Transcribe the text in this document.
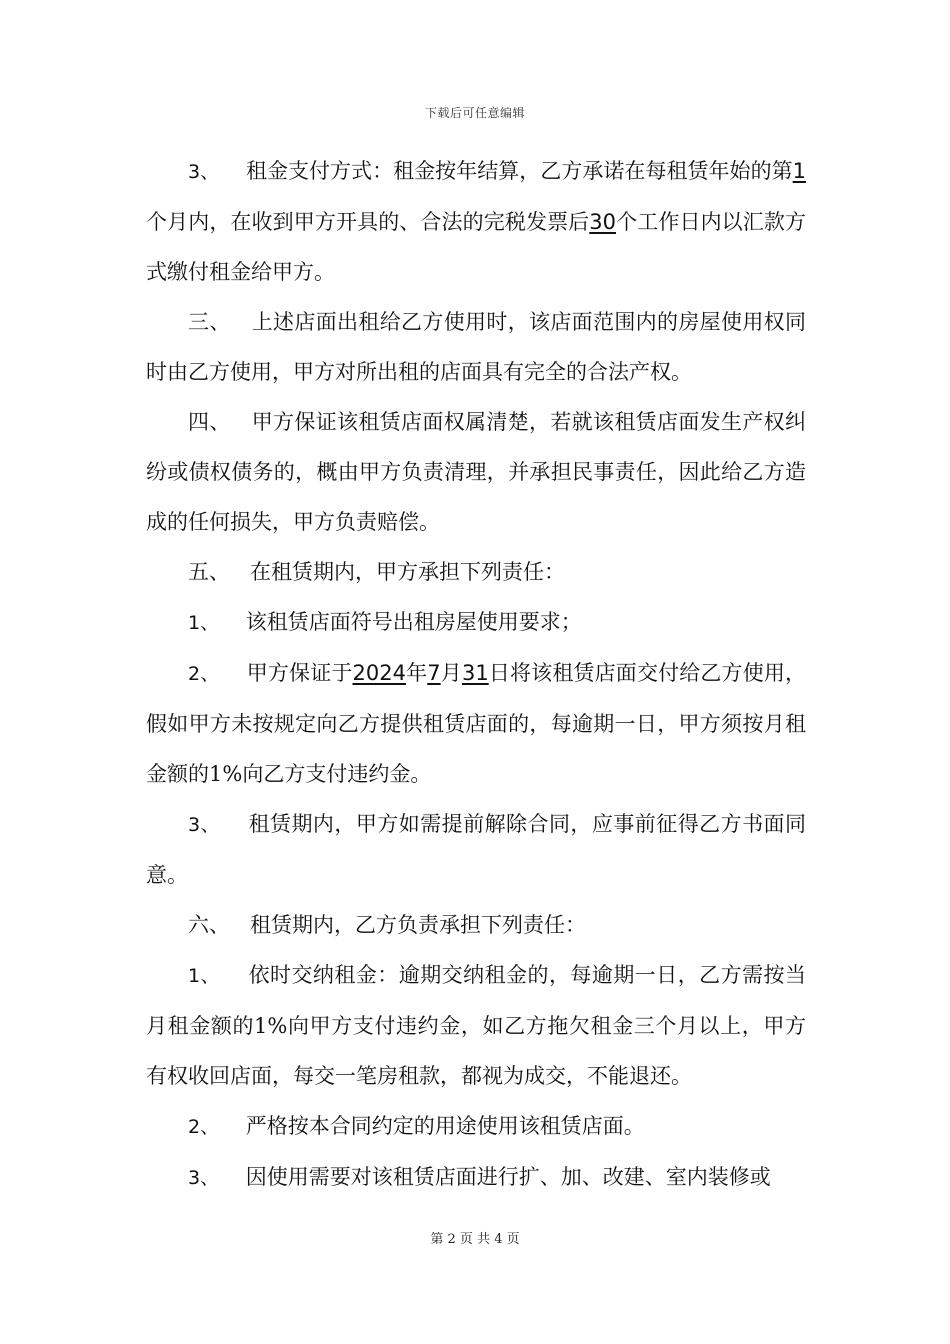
下载后可任意编辑

3、 租金支付方式：租金按年结算，乙方承诺在每租赁年始的第1个月内，在收到甲方开具的、合法的完税发票后30个工作日内以汇款方式缴付租金给甲方。

三、 上述店面出租给乙方使用时，该店面范围内的房屋使用权同时由乙方使用，甲方对所出租的店面具有完全的合法产权。

四、 甲方保证该租赁店面权属清楚，若就该租赁店面发生产权纠纷或债权债务的，概由甲方负责清理，并承担民事责任，因此给乙方造成的任何损失，甲方负责赔偿。

五、 在租赁期内，甲方承担下列责任：

1、 该租赁店面符号出租房屋使用要求；

2、 甲方保证于2024年7月31日将该租赁店面交付给乙方使用，假如甲方未按规定向乙方提供租赁店面的，每逾期一日，甲方须按月租金额的1%向乙方支付违约金。

3、 租赁期内，甲方如需提前解除合同，应事前征得乙方书面同意。

六、 租赁期内，乙方负责承担下列责任：

1、 依时交纳租金：逾期交纳租金的，每逾期一日，乙方需按当月租金额的1%向甲方支付违约金，如乙方拖欠租金三个月以上，甲方有权收回店面，每交一笔房租款，都视为成交，不能退还。

2、 严格按本合同约定的用途使用该租赁店面。

3、 因使用需要对该租赁店面进行扩、加、改建、室内装修或

第 2 页 共 4 页
